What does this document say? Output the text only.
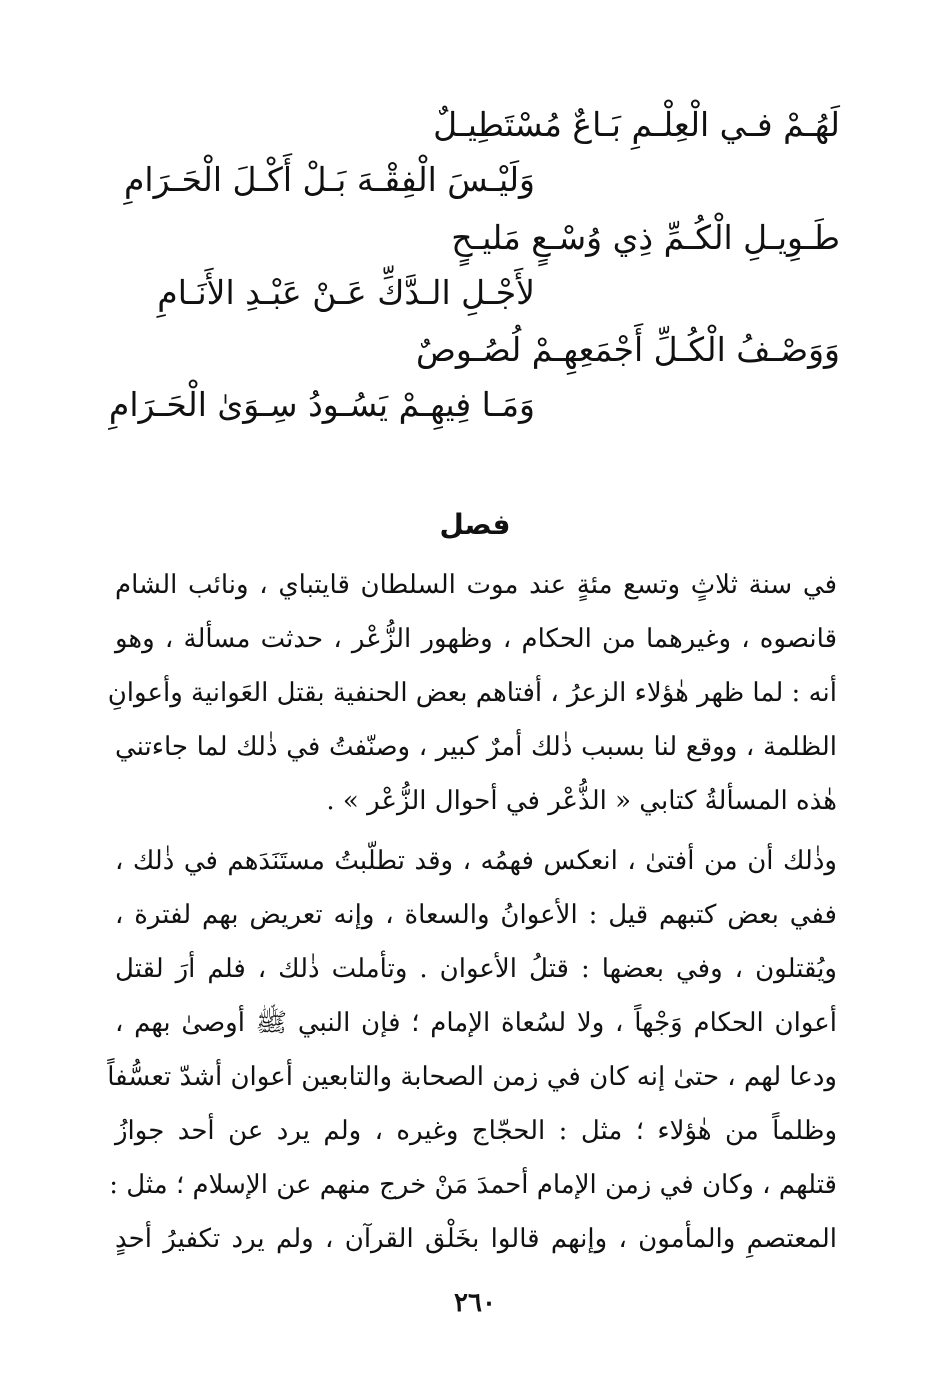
لَهُـمْ فـي الْعِلْـمِ بَـاعٌ مُسْتَطِيـلٌ
وَلَيْـسَ الْفِقْـهَ بَـلْ أَكْـلَ الْحَـرَامِ
طَـوِيـلِ الْكُـمِّ ذِي وُسْـعٍ مَليـحٍ
لأَجْـلِ الـدَّكِّ عَـنْ عَبْـدِ الأَنَـامِ
وَوَصْـفُ الْكُـلِّ أَجْمَعِهِـمْ لُصُـوصٌ
وَمَـا فِيهِـمْ يَسُـودُ سِـوَىٰ الْحَـرَامِ
فصل
في سنة ثلاثٍ وتسع مئةٍ عند موت السلطان قايتباي ، ونائب الشام
قانصوه ، وغيرهما من الحكام ، وظهور الزُّعْر ، حدثت مسألة ، وهو
أنه : لما ظهر هٰؤلاء الزعرُ ، أفتاهم بعض الحنفية بقتل العَوانية وأعوانِ
الظلمة ، ووقع لنا بسبب ذٰلك أمرٌ كبير ، وصنّفتُ في ذٰلك لما جاءتني
هٰذه المسألةُ كتابي « الذُّعْر في أحوال الزُّعْر » .
وذٰلك أن من أفتىٰ ، انعكس فهمُه ، وقد تطلّبتُ مستَنَدَهم في ذٰلك ،
ففي بعض كتبهم قيل : الأعوانُ والسعاة ، وإنه تعريض بهم لفترة ،
ويُقتلون ، وفي بعضها : قتلُ الأعوان . وتأملت ذٰلك ، فلم أرَ لقتل
أعوان الحكام وَجْهاً ، ولا لسُعاة الإمام ؛ فإن النبي ﷺ أوصىٰ بهم ،
ودعا لهم ، حتىٰ إنه كان في زمن الصحابة والتابعين أعوان أشدّ تعسُّفاً
وظلماً من هٰؤلاء ؛ مثل : الحجّاج وغيره ، ولم يرد عن أحد جوازُ
قتلهم ، وكان في زمن الإمام أحمدَ مَنْ خرج منهم عن الإسلام ؛ مثل :
المعتصمِ والمأمون ، وإنهم قالوا بخَلْق القرآن ، ولم يرد تكفيرُ أحدٍ
٢٦٠
